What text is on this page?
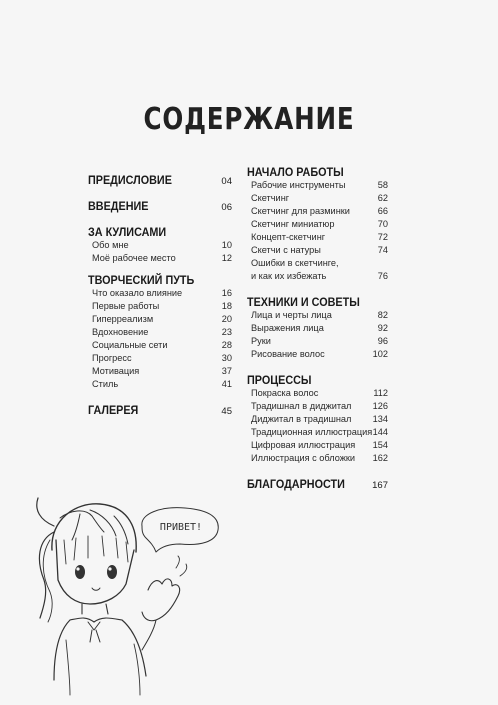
СОДЕРЖАНИЕ
ПРЕДИСЛОВИЕ	04
ВВЕДЕНИЕ	06
ЗА КУЛИСАМИ
Обо мне	10
Моё рабочее место	12
ТВОРЧЕСКИЙ ПУТЬ
Что оказало влияние	16
Первые работы	18
Гиперреализм	20
Вдохновение	23
Социальные сети	28
Прогресс	30
Мотивация	37
Стиль	41
ГАЛЕРЕЯ	45
НАЧАЛО РАБОТЫ
Рабочие инструменты	58
Скетчинг	62
Скетчинг для разминки	66
Скетчинг миниатюр	70
Концепт-скетчинг	72
Скетчи с натуры	74
Ошибки в скетчинге,
и как их избежать	76
ТЕХНИКИ И СОВЕТЫ
Лица и черты лица	82
Выражения лица	92
Руки	96
Рисование волос	102
ПРОЦЕССЫ
Покраска волос	112
Традишнал в диджитал 126
Диджитал в традишнал 134
Традиционная иллюстрация 144
Цифровая иллюстрация 154
Иллюстрация с обложки 162
БЛАГОДАРНОСТИ	167
ПРИВЕТ!
